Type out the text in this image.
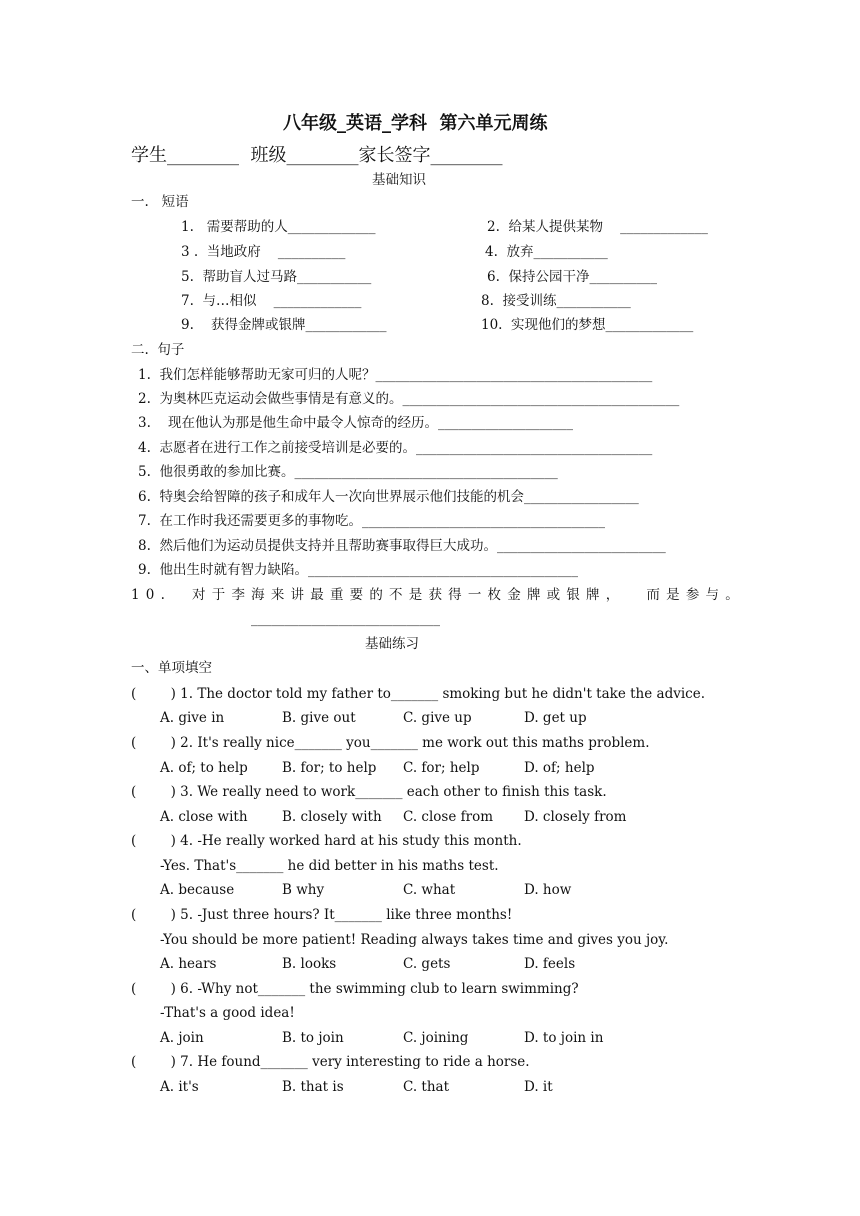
八年级_英语_学科  第六单元周练
学生________  班级________家长签字________
基础知识
一.   短语
1.   需要帮助的人_____________	2.  给某人提供某物    _____________
3 .  当地政府    __________	4.  放弃___________
5.  帮助盲人过马路___________	6.  保持公园干净__________
7.  与…相似    _____________	8.  接受训练___________
9.    获得金牌或银牌____________	10.  实现他们的梦想_____________
二.  句子
1.  我们怎样能够帮助无家可归的人呢？_________________________________________
2.  为奥林匹克运动会做些事情是有意义的。_________________________________________
3.    现在他认为那是他生命中最令人惊奇的经历。____________________
4.  志愿者在进行工作之前接受培训是必要的。___________________________________
5.  他很勇敢的参加比赛。_______________________________________
6.  特奥会给智障的孩子和成年人一次向世界展示他们技能的机会_________________
7.  在工作时我还需要更多的事物吃。____________________________________
8.  然后他们为运动员提供支持并且帮助赛事取得巨大成功。_________________________
9.  他出生时就有智力缺陷。________________________________________
10.  对于李海来讲最重要的不是获得一枚金牌或银牌，  而是参与。
____________________________
基础练习
一、单项填空
(        ) 1. The doctor told my father to_______ smoking but he didn't take the advice.
A. give in	B. give out	C. give up	D. get up
(        ) 2. It's really nice_______ you_______ me work out this maths problem.
A. of; to help	B. for; to help C. for; help	D. of; help
(        ) 3. We really need to work_______ each other to finish this task.
A. close with	B. closely with C. close from D. closely from
(        ) 4. -He really worked hard at his study this month.
-Yes. That's_______ he did better in his maths test.
A. because	B why	C. what	D. how
(        ) 5. -Just three hours? It_______ like three months!
-You should be more patient! Reading always takes time and gives you joy.
A. hears	B. looks	C. gets	D. feels
(        ) 6. -Why not_______ the swimming club to learn swimming?
-That's a good idea!
A. join	B. to join	C. joining	D. to join in
(        ) 7. He found_______ very interesting to ride a horse.
A. it's	B. that is	C. that	D. it
